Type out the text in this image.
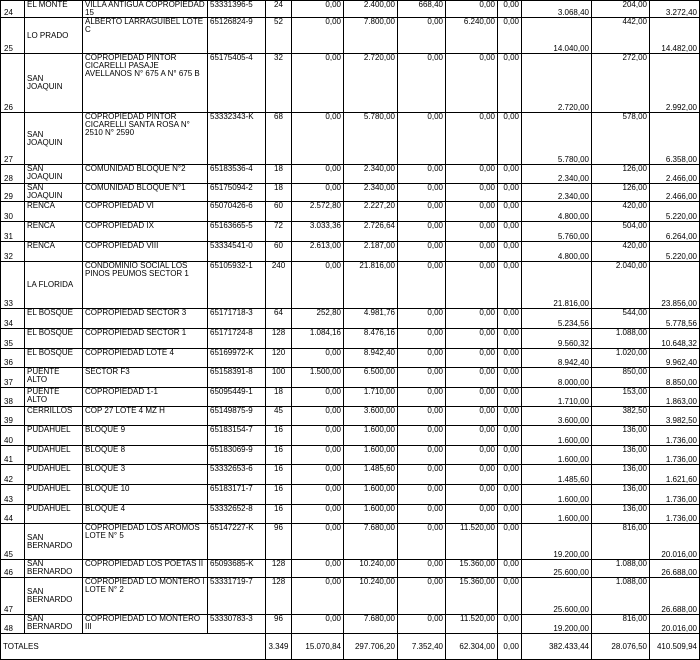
24	EL MONTE	VILLA ANTIGUA COPROPIEDAD 15	53331396-5	24	0,00	2.400,00	668,40	0,00	0,00	3.068,40	204,00	3.272,40
25	LO PRADO	ALBERTO LARRAGUIBEL LOTE C	65126824-9	52	0,00	7.800,00	0,00	6.240,00	0,00	14.040,00	442,00	14.482,00
26	SAN JOAQUIN	COPROPIEDAD PINTOR CICARELLI PASAJE AVELLANOS N° 675 A N° 675 B	65175405-4	32	0,00	2.720,00	0,00	0,00	0,00	2.720,00	272,00	2.992,00
27	SAN JOAQUIN	COPROPIEDAD PINTOR CICARELLI SANTA ROSA N° 2510 N° 2590	53332343-K	68	0,00	5.780,00	0,00	0,00	0,00	5.780,00	578,00	6.358,00
28	SAN JOAQUIN	COMUNIDAD BLOQUE N°2	65183536-4	18	0,00	2.340,00	0,00	0,00	0,00	2.340,00	126,00	2.466,00
29	SAN JOAQUIN	COMUNIDAD BLOQUE N°1	65175094-2	18	0,00	2.340,00	0,00	0,00	0,00	2.340,00	126,00	2.466,00
30	RENCA	COPROPIEDAD VI	65070426-6	60	2.572,80	2.227,20	0,00	0,00	0,00	4.800,00	420,00	5.220,00
31	RENCA	COPROPIEDAD IX	65163665-5	72	3.033,36	2.726,64	0,00	0,00	0,00	5.760,00	504,00	6.264,00
32	RENCA	COPROPIEDAD VIII	53334541-0	60	2.613,00	2.187,00	0,00	0,00	0,00	4.800,00	420,00	5.220,00
33	LA FLORIDA	CONDOMINIO SOCIAL LOS PINOS PEUMOS SECTOR 1	65105932-1	240	0,00	21.816,00	0,00	0,00	0,00	21.816,00	2.040,00	23.856,00
34	EL BOSQUE	COPROPIEDAD SECTOR 3	65171718-3	64	252,80	4.981,76	0,00	0,00	0,00	5.234,56	544,00	5.778,56
35	EL BOSQUE	COPROPIEDAD SECTOR 1	65171724-8	128	1.084,16	8.476,16	0,00	0,00	0,00	9.560,32	1.088,00	10.648,32
36	EL BOSQUE	COPROPIEDAD LOTE 4	65169972-K	120	0,00	8.942,40	0,00	0,00	0,00	8.942,40	1.020,00	9.962,40
37	PUENTE ALTO	SECTOR F3	65158391-8	100	1.500,00	6.500,00	0,00	0,00	0,00	8.000,00	850,00	8.850,00
38	PUENTE ALTO	COPROPIEDAD 1-1	65095449-1	18	0,00	1.710,00	0,00	0,00	0,00	1.710,00	153,00	1.863,00
39	CERRILLOS	COP 27 LOTE 4 MZ H	65149875-9	45	0,00	3.600,00	0,00	0,00	0,00	3.600,00	382,50	3.982,50
40	PUDAHUEL	BLOQUE 9	65183154-7	16	0,00	1.600,00	0,00	0,00	0,00	1.600,00	136,00	1.736,00
41	PUDAHUEL	BLOQUE 8	65183069-9	16	0,00	1.600,00	0,00	0,00	0,00	1.600,00	136,00	1.736,00
42	PUDAHUEL	BLOQUE 3	53332653-6	16	0,00	1.485,60	0,00	0,00	0,00	1.485,60	136,00	1.621,60
43	PUDAHUEL	BLOQUE 10	65183171-7	16	0,00	1.600,00	0,00	0,00	0,00	1.600,00	136,00	1.736,00
44	PUDAHUEL	BLOQUE 4	53332652-8	16	0,00	1.600,00	0,00	0,00	0,00	1.600,00	136,00	1.736,00
45	SAN BERNARDO	COPROPIEDAD LOS AROMOS LOTE N° 5	65147227-K	96	0,00	7.680,00	0,00	11.520,00	0,00	19.200,00	816,00	20.016,00
46	SAN BERNARDO	COPROPIEDAD LOS POETAS II	65093685-K	128	0,00	10.240,00	0,00	15.360,00	0,00	25.600,00	1.088,00	26.688,00
47	SAN BERNARDO	COPROPIEDAD LO MONTERO I LOTE N° 2	53331719-7	128	0,00	10.240,00	0,00	15.360,00	0,00	25.600,00	1.088,00	26.688,00
48	SAN BERNARDO	COPROPIEDAD LO MONTERO III	53330783-3	96	0,00	7.680,00	0,00	11.520,00	0,00	19.200,00	816,00	20.016,00
TOTALES				3.349	15.070,84	297.706,20	7.352,40	62.304,00	0,00	382.433,44	28.076,50	410.509,94
